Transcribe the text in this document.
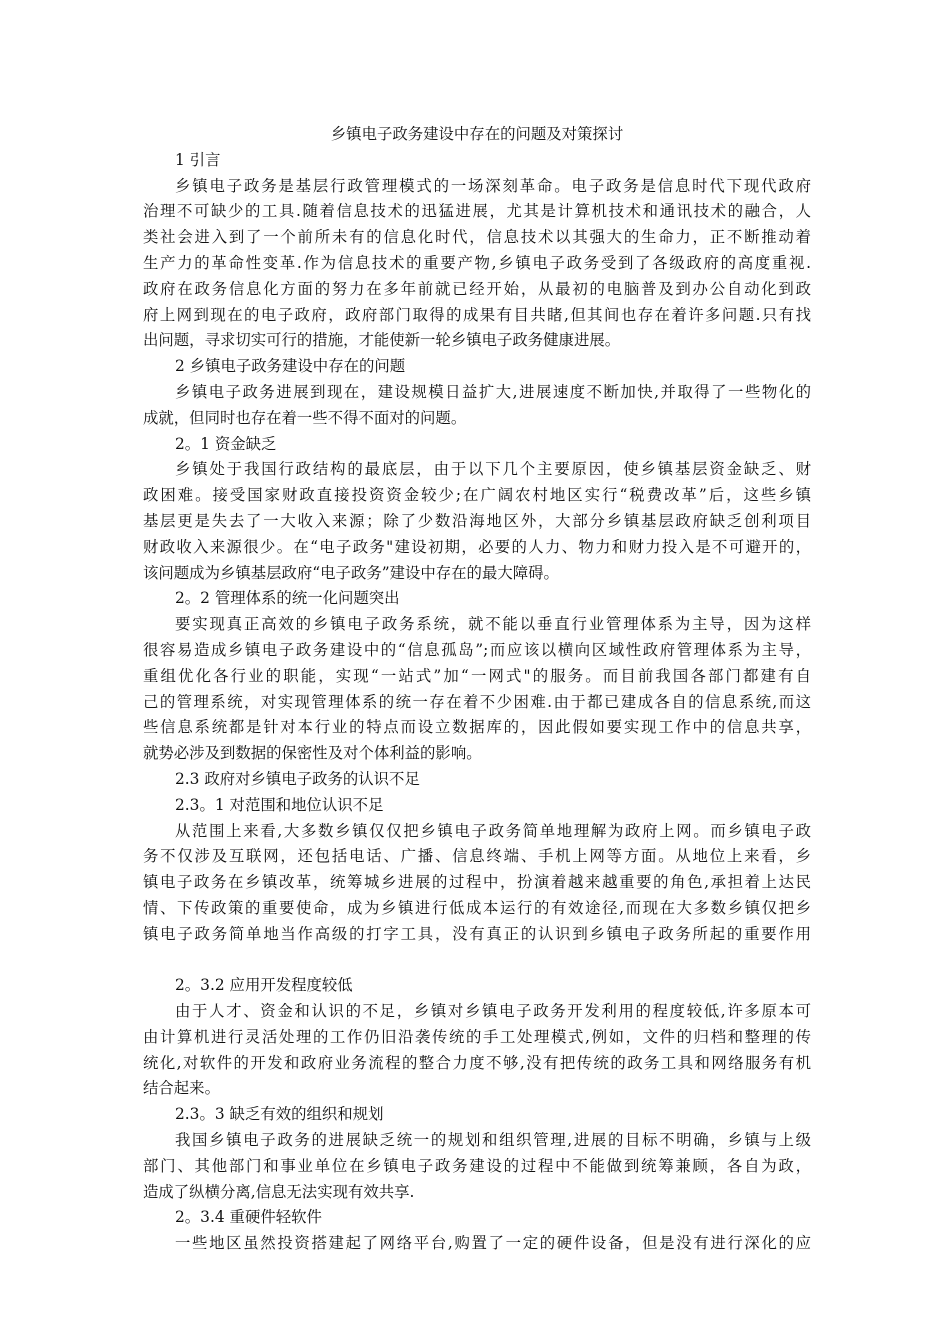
乡镇电子政务建设中存在的问题及对策探讨
1 引言
乡镇电子政务是基层行政管理模式的一场深刻革命。电子政务是信息时代下现代政府
治理不可缺少的工具.随着信息技术的迅猛进展，尤其是计算机技术和通讯技术的融合，人
类社会进入到了一个前所未有的信息化时代，信息技术以其强大的生命力，正不断推动着
生产力的革命性变革.作为信息技术的重要产物,乡镇电子政务受到了各级政府的高度重视.
政府在政务信息化方面的努力在多年前就已经开始，从最初的电脑普及到办公自动化到政
府上网到现在的电子政府，政府部门取得的成果有目共睹,但其间也存在着许多问题.只有找
出问题，寻求切实可行的措施，才能使新一轮乡镇电子政务健康进展。
2 乡镇电子政务建设中存在的问题
乡镇电子政务进展到现在，建设规模日益扩大,进展速度不断加快,并取得了一些物化的
成就，但同时也存在着一些不得不面对的问题。
2。1 资金缺乏
乡镇处于我国行政结构的最底层，由于以下几个主要原因，使乡镇基层资金缺乏、财
政困难。接受国家财政直接投资资金较少;在广阔农村地区实行“税费改革”后，这些乡镇
基层更是失去了一大收入来源；除了少数沿海地区外，大部分乡镇基层政府缺乏创利项目
财政收入来源很少。在“电子政务"建设初期，必要的人力、物力和财力投入是不可避开的，
该问题成为乡镇基层政府“电子政务”建设中存在的最大障碍。
2。2 管理体系的统一化问题突出
要实现真正高效的乡镇电子政务系统，就不能以垂直行业管理体系为主导，因为这样
很容易造成乡镇电子政务建设中的“信息孤岛”;而应该以横向区域性政府管理体系为主导，
重组优化各行业的职能，实现“一站式”加“一网式"的服务。而目前我国各部门都建有自
己的管理系统，对实现管理体系的统一存在着不少困难.由于都已建成各自的信息系统,而这
些信息系统都是针对本行业的特点而设立数据库的，因此假如要实现工作中的信息共享，
就势必涉及到数据的保密性及对个体利益的影响。
2.3 政府对乡镇电子政务的认识不足
2.3。1 对范围和地位认识不足
从范围上来看,大多数乡镇仅仅把乡镇电子政务简单地理解为政府上网。而乡镇电子政
务不仅涉及互联网，还包括电话、广播、信息终端、手机上网等方面。从地位上来看，乡
镇电子政务在乡镇改革，统筹城乡进展的过程中，扮演着越来越重要的角色,承担着上达民
情、下传政策的重要使命，成为乡镇进行低成本运行的有效途径,而现在大多数乡镇仅把乡
镇电子政务简单地当作高级的打字工具，没有真正的认识到乡镇电子政务所起的重要作用
2。3.2 应用开发程度较低
由于人才、资金和认识的不足，乡镇对乡镇电子政务开发利用的程度较低,许多原本可
由计算机进行灵活处理的工作仍旧沿袭传统的手工处理模式,例如，文件的归档和整理的传
统化,对软件的开发和政府业务流程的整合力度不够,没有把传统的政务工具和网络服务有机
结合起来。
2.3。3 缺乏有效的组织和规划
我国乡镇电子政务的进展缺乏统一的规划和组织管理,进展的目标不明确，乡镇与上级
部门、其他部门和事业单位在乡镇电子政务建设的过程中不能做到统筹兼顾，各自为政，
造成了纵横分离,信息无法实现有效共享.
2。3.4 重硬件轻软件
一些地区虽然投资搭建起了网络平台,购置了一定的硬件设备，但是没有进行深化的应
